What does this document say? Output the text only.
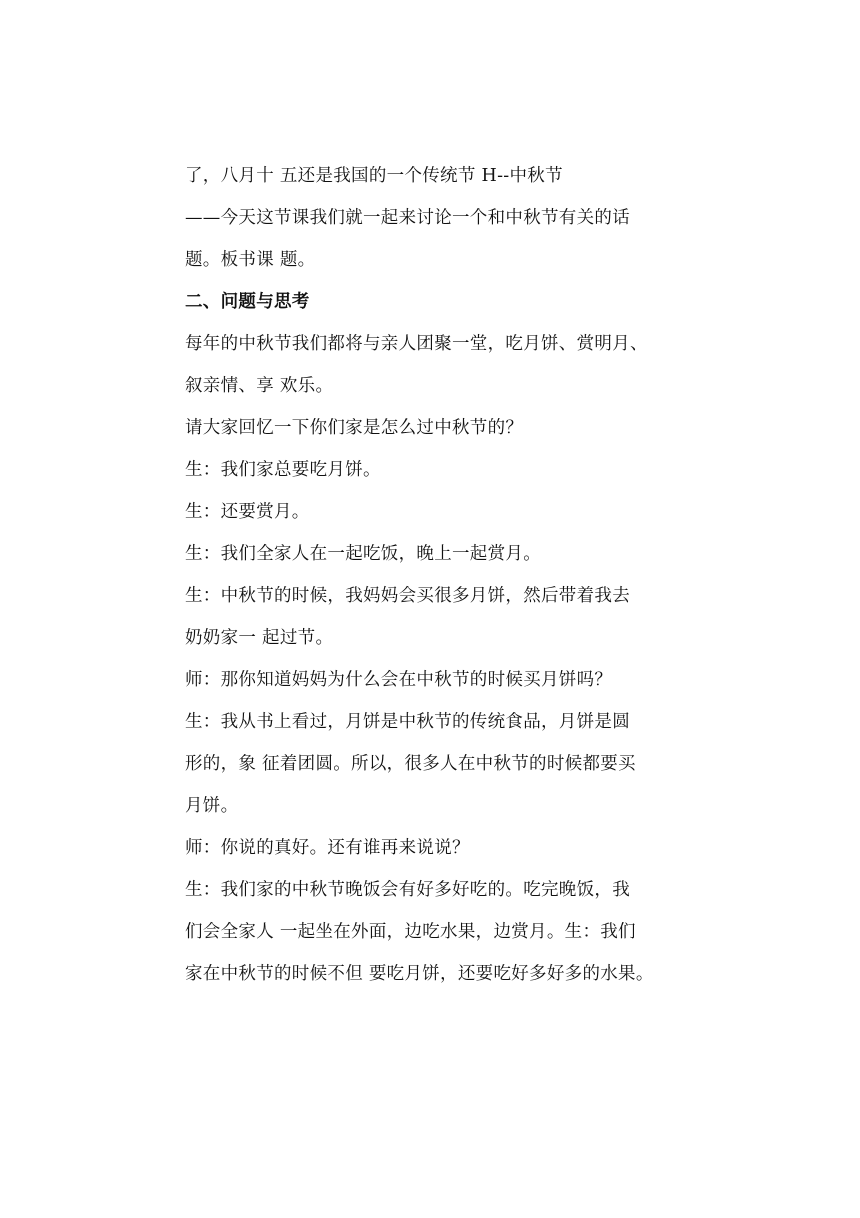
了，八月十 五还是我国的一个传统节 H--中秋节
——今天这节课我们就一起来讨论一个和中秋节有关的话
题。板书课 题。
二、问题与思考
每年的中秋节我们都将与亲人团聚一堂，吃月饼、赏明月、
叙亲情、享 欢乐。
请大家回忆一下你们家是怎么过中秋节的？
生：我们家总要吃月饼。
生：还要赏月。
生：我们全家人在一起吃饭，晚上一起赏月。
生：中秋节的时候，我妈妈会买很多月饼，然后带着我去
奶奶家一 起过节。
师：那你知道妈妈为什么会在中秋节的时候买月饼吗？
生：我从书上看过，月饼是中秋节的传统食品，月饼是圆
形的，象 征着团圆。所以，很多人在中秋节的时候都要买
月饼。
师：你说的真好。还有谁再来说说？
生：我们家的中秋节晚饭会有好多好吃的。吃完晚饭，我
们会全家人 一起坐在外面，边吃水果，边赏月。生：我们
家在中秋节的时候不但 要吃月饼，还要吃好多好多的水果。
